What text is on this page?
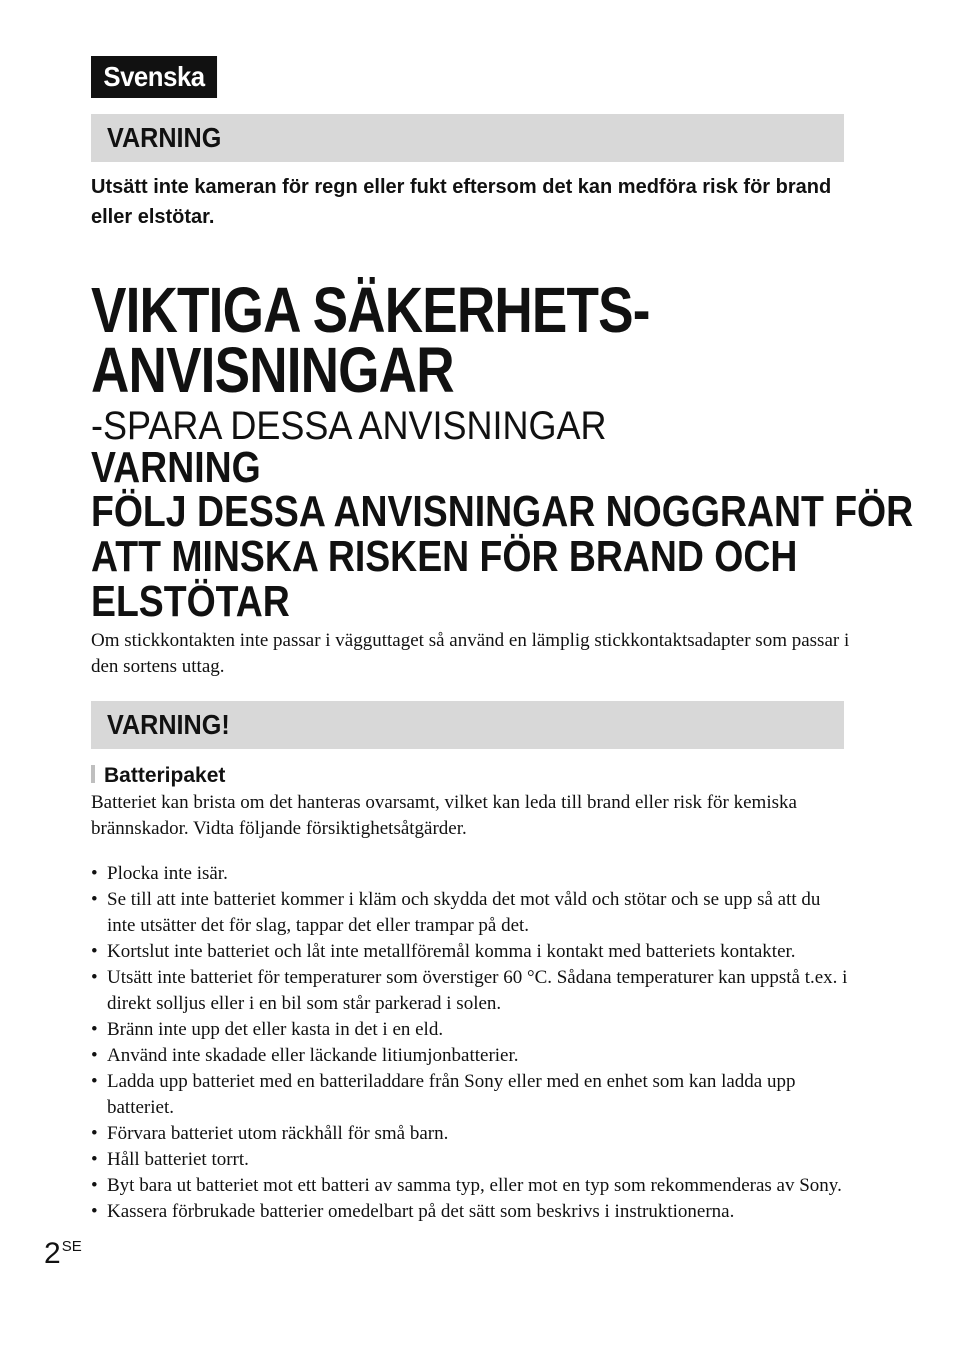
Svenska
VARNING
Utsätt inte kameran för regn eller fukt eftersom det kan medföra risk för brand eller elstötar.
VIKTIGA SÄKERHETS-
ANVISNINGAR
-SPARA DESSA ANVISNINGAR
VARNING
FÖLJ DESSA ANVISNINGAR NOGGRANT FÖR
ATT MINSKA RISKEN FÖR BRAND OCH
ELSTÖTAR
Om stickkontakten inte passar i vägguttaget så använd en lämplig stickkontaktsadapter som passar i den sortens uttag.
VARNING!
Batteripaket
Batteriet kan brista om det hanteras ovarsamt, vilket kan leda till brand eller risk för kemiska brännskador. Vidta följande försiktighetsåtgärder.
• Plocka inte isär.
• Se till att inte batteriet kommer i kläm och skydda det mot våld och stötar och se upp så att du inte utsätter det för slag, tappar det eller trampar på det.
• Kortslut inte batteriet och låt inte metallföremål komma i kontakt med batteriets kontakter.
• Utsätt inte batteriet för temperaturer som överstiger 60 °C. Sådana temperaturer kan uppstå t.ex. i direkt solljus eller i en bil som står parkerad i solen.
• Bränn inte upp det eller kasta in det i en eld.
• Använd inte skadade eller läckande litiumjonbatterier.
• Ladda upp batteriet med en batteriladdare från Sony eller med en enhet som kan ladda upp batteriet.
• Förvara batteriet utom räckhåll för små barn.
• Håll batteriet torrt.
• Byt bara ut batteriet mot ett batteri av samma typ, eller mot en typ som rekommenderas av Sony.
• Kassera förbrukade batterier omedelbart på det sätt som beskrivs i instruktionerna.
$2^{SE}$
